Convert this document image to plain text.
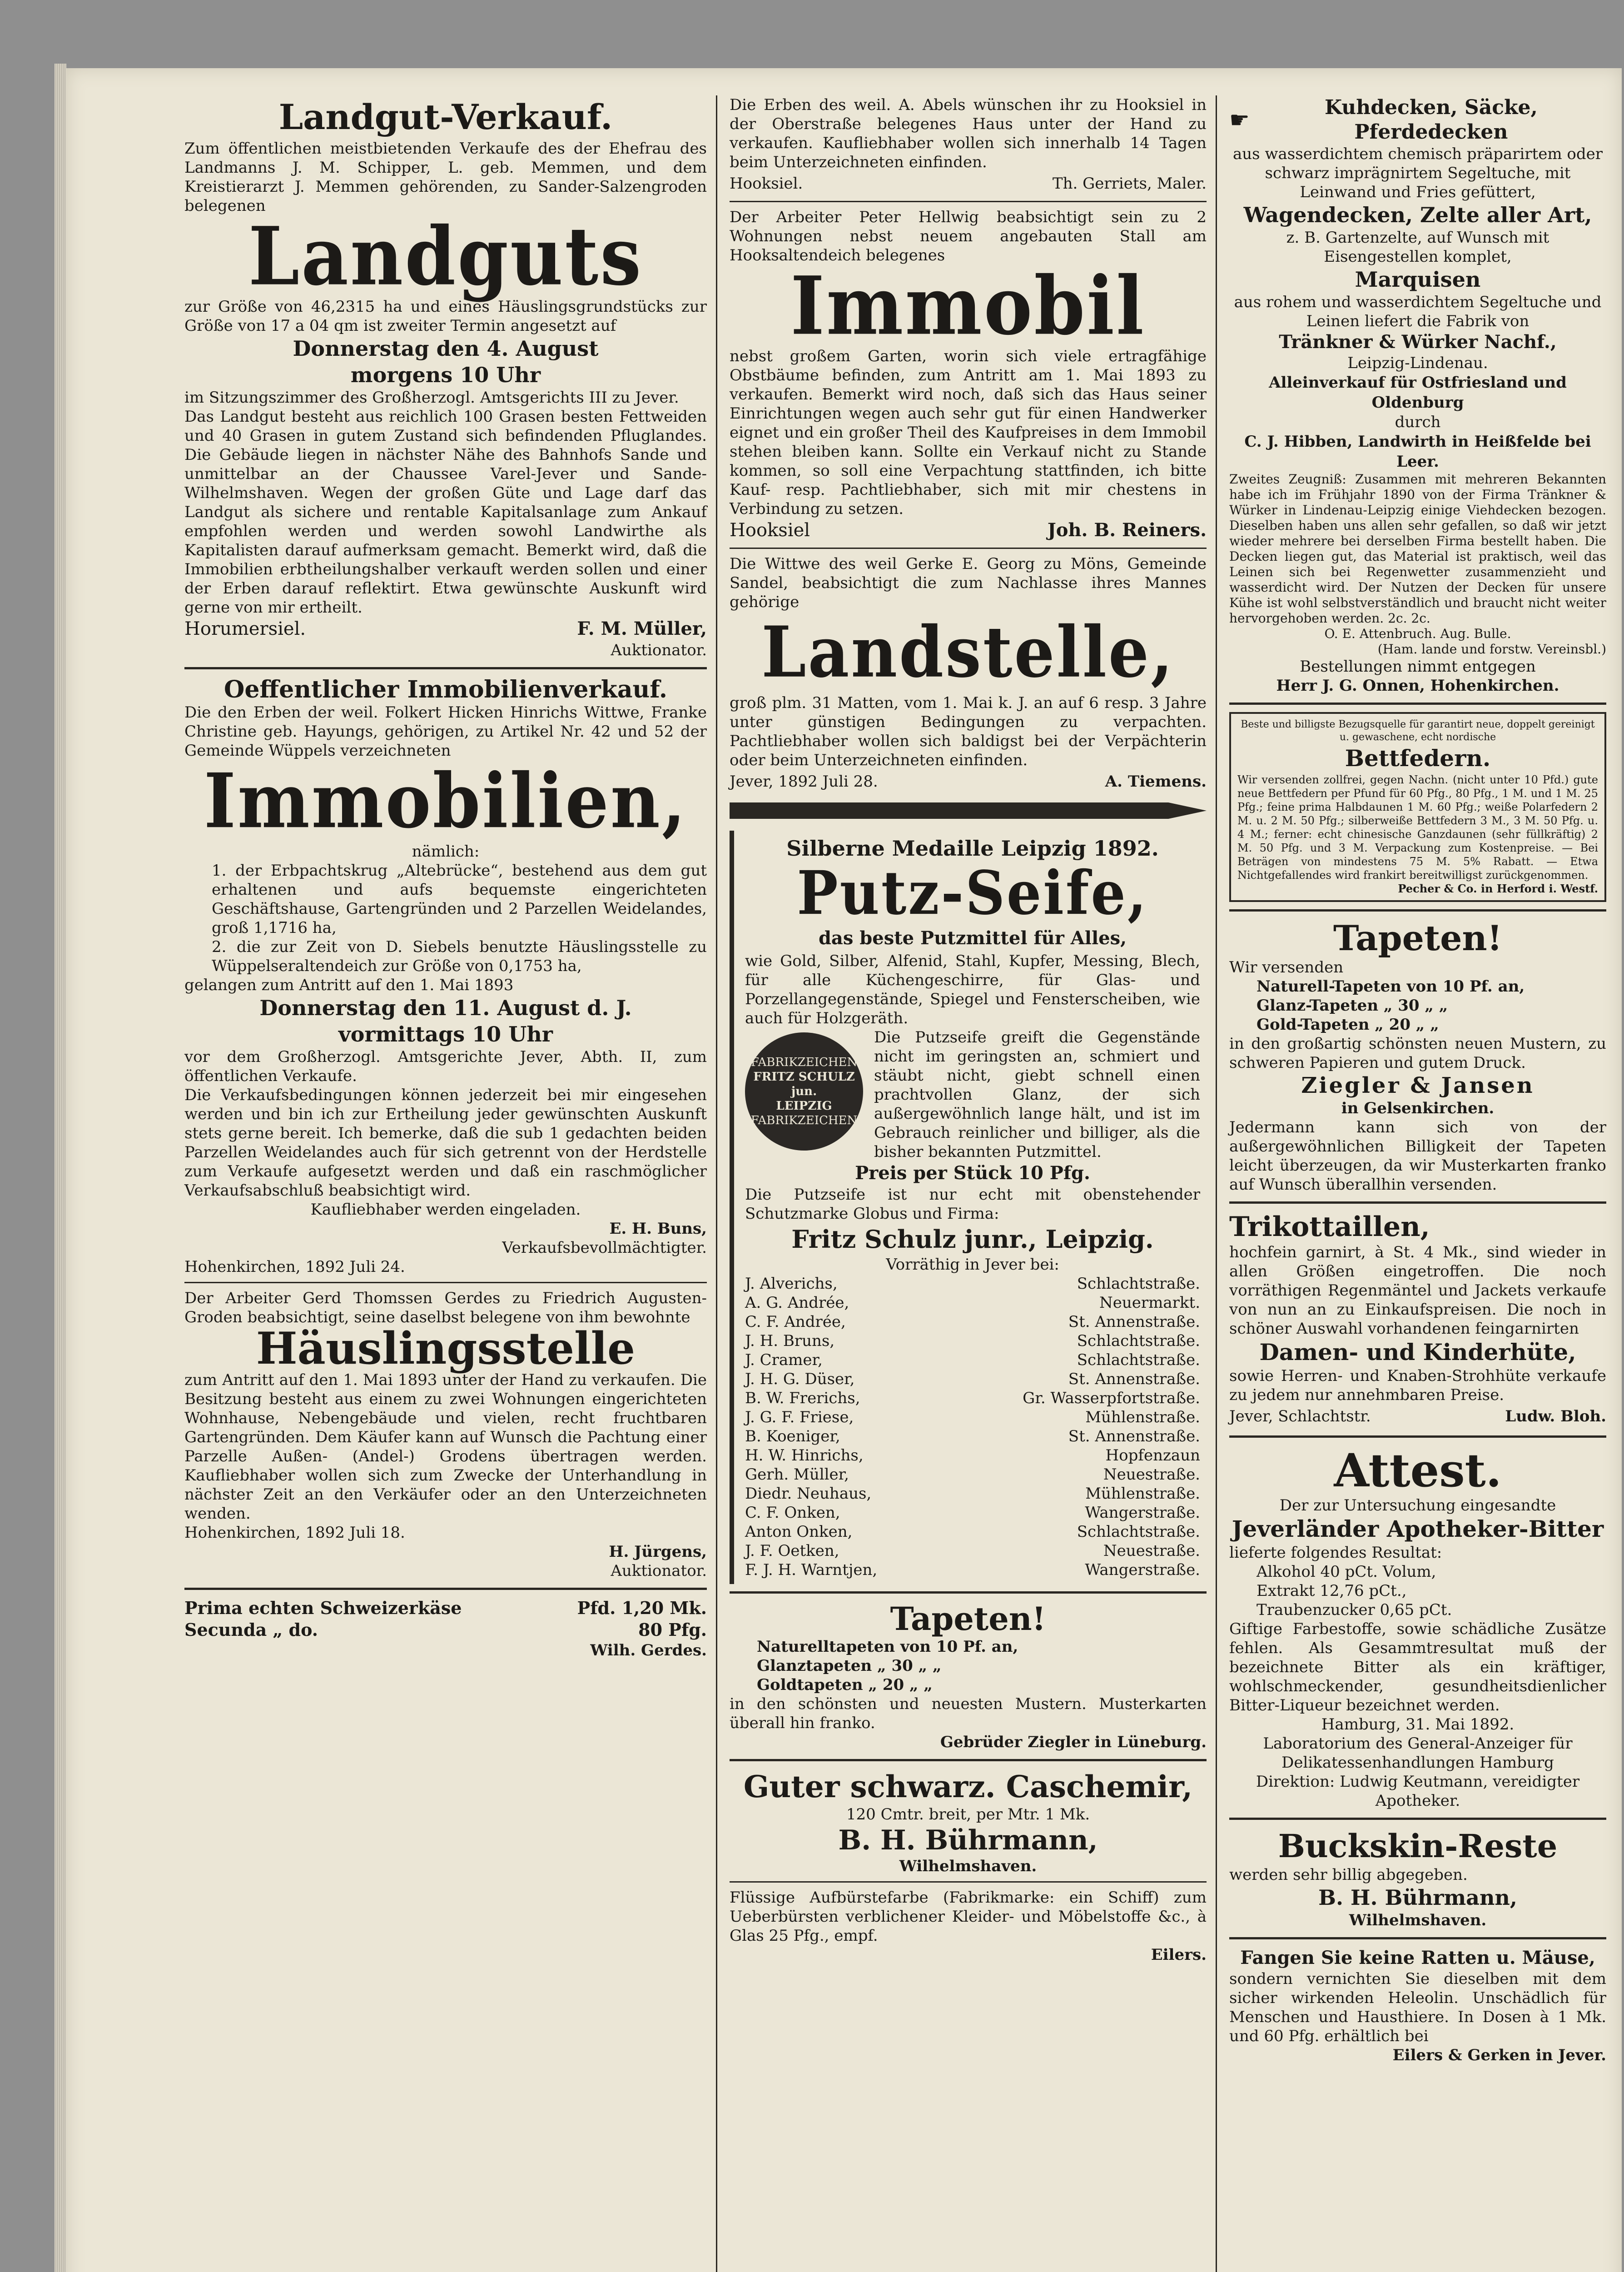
Landgut-Verkauf.

Zum öffentlichen meistbietenden Verkaufe des der Ehefrau des Landmanns J. M. Schipper, L. geb. Memmen, und dem Kreistierarzt J. Memmen gehörenden, zu Sander-Salzengroden belegenen

Landguts

zur Größe von 46,2315 ha und eines Häuslingsgrundstücks zur Größe von 17 a 04 qm ist zweiter Termin angesetzt auf

Donnerstag den 4. August
morgens 10 Uhr

im Sitzungszimmer des Großherzogl. Amtsgerichts III zu Jever.

Das Landgut besteht aus reichlich 100 Grasen besten Fettweiden und 40 Grasen in gutem Zustand sich befindenden Pfluglandes. Die Gebäude liegen in nächster Nähe des Bahnhofs Sande und unmittelbar an der Chaussee Varel-Jever und Sande-Wilhelmshaven. Wegen der großen Güte und Lage darf das Landgut als sichere und rentable Kapitalsanlage zum Ankauf empfohlen werden und werden sowohl Landwirthe als Kapitalisten darauf aufmerksam gemacht. Bemerkt wird, daß die Immobilien erbtheilungshalber verkauft werden sollen und einer der Erben darauf reflektirt. Etwa gewünschte Auskunft wird gerne von mir ertheilt.

Horumersiel.	F. M. Müller,

Auktionator.

Oeffentlicher Immobilienverkauf.

Die den Erben der weil. Folkert Hicken Hinrichs Wittwe, Franke Christine geb. Hayungs, gehörigen, zu Artikel Nr. 42 und 52 der Gemeinde Wüppels verzeichneten

Immobilien,

nämlich:

1. der Erbpachtskrug „Altebrücke“, bestehend aus dem gut erhaltenen und aufs bequemste eingerichteten Geschäftshause, Gartengründen und 2 Parzellen Weidelandes, groß 1,1716 ha,

2. die zur Zeit von D. Siebels benutzte Häuslingsstelle zu Wüppelseraltendeich zur Größe von 0,1753 ha,

gelangen zum Antritt auf den 1. Mai 1893

Donnerstag den 11. August d. J.
vormittags 10 Uhr

vor dem Großherzogl. Amtsgerichte Jever, Abth. II, zum öffentlichen Verkaufe.

Die Verkaufsbedingungen können jederzeit bei mir eingesehen werden und bin ich zur Ertheilung jeder gewünschten Auskunft stets gerne bereit. Ich bemerke, daß die sub 1 gedachten beiden Parzellen Weidelandes auch für sich getrennt von der Herdstelle zum Verkaufe aufgesetzt werden und daß ein raschmöglicher Verkaufsabschluß beabsichtigt wird.

Kaufliebhaber werden eingeladen.

E. H. Buns,

Verkaufsbevollmächtigter.

Hohenkirchen, 1892 Juli 24.

Der Arbeiter Gerd Thomssen Gerdes zu Friedrich Augusten-Groden beabsichtigt, seine daselbst belegene von ihm bewohnte

Häuslingsstelle

zum Antritt auf den 1. Mai 1893 unter der Hand zu verkaufen. Die Besitzung besteht aus einem zu zwei Wohnungen eingerichteten Wohnhause, Nebengebäude und vielen, recht fruchtbaren Gartengründen. Dem Käufer kann auf Wunsch die Pachtung einer Parzelle Außen- (Andel-) Grodens übertragen werden. Kaufliebhaber wollen sich zum Zwecke der Unterhandlung in nächster Zeit an den Verkäufer oder an den Unterzeichneten wenden.

Hohenkirchen, 1892 Juli 18.

H. Jürgens,

Auktionator.

Prima echten Schweizerkäse	Pfd. 1,20 Mk.
Secunda „ do.	80 Pfg.

Wilh. Gerdes.

Die Erben des weil. A. Abels wünschen ihr zu Hooksiel in der Oberstraße belegenes Haus unter der Hand zu verkaufen. Kaufliebhaber wollen sich innerhalb 14 Tagen beim Unterzeichneten einfinden.

Hooksiel.	Th. Gerriets, Maler.

Der Arbeiter Peter Hellwig beabsichtigt sein zu 2 Wohnungen nebst neuem angebauten Stall am Hooksaltendeich belegenes

Immobil

nebst großem Garten, worin sich viele ertragfähige Obstbäume befinden, zum Antritt am 1. Mai 1893 zu verkaufen. Bemerkt wird noch, daß sich das Haus seiner Einrichtungen wegen auch sehr gut für einen Handwerker eignet und ein großer Theil des Kaufpreises in dem Immobil stehen bleiben kann. Sollte ein Verkauf nicht zu Stande kommen, so soll eine Verpachtung stattfinden, ich bitte Kauf- resp. Pachtliebhaber, sich mit mir chestens in Verbindung zu setzen.

Hooksiel	Joh. B. Reiners.

Die Wittwe des weil Gerke E. Georg zu Möns, Gemeinde Sandel, beabsichtigt die zum Nachlasse ihres Mannes gehörige

Landstelle,

groß plm. 31 Matten, vom 1. Mai k. J. an auf 6 resp. 3 Jahre unter günstigen Bedingungen zu verpachten. Pachtliebhaber wollen sich baldigst bei der Verpächterin oder beim Unterzeichneten einfinden.

Jever, 1892 Juli 28.	A. Tiemens.
Silberne Medaille Leipzig 1892.
Putz-Seife,
das beste Putzmittel für Alles,

wie Gold, Silber, Alfenid, Stahl, Kupfer, Messing, Blech, für alle Küchengeschirre, für Glas- und Porzellangegenstände, Spiegel und Fensterscheiben, wie auch für Holzgeräth.

FABRIKZEICHEN
FRITZ SCHULZ jun.
LEIPZIG
FABRIKZEICHEN

Die Putzseife greift die Gegenstände nicht im geringsten an, schmiert und stäubt nicht, giebt schnell einen prachtvollen Glanz, der sich außergewöhnlich lange hält, und ist im Gebrauch reinlicher und billiger, als die bisher bekannten Putzmittel.

Preis per Stück 10 Pfg.

Die Putzseife ist nur echt mit obenstehender Schutzmarke Globus und Firma:

Fritz Schulz junr., Leipzig.

Vorräthig in Jever bei:

J. Alverichs,	Schlachtstraße.
A. G. Andrée,	Neuermarkt.
C. F. Andrée,	St. Annenstraße.
J. H. Bruns,	Schlachtstraße.
J. Cramer,	Schlachtstraße.
J. H. G. Düser,	St. Annenstraße.
B. W. Frerichs,	Gr. Wasserpfortstraße.
J. G. F. Friese,	Mühlenstraße.
B. Koeniger,	St. Annenstraße.
H. W. Hinrichs,	Hopfenzaun
Gerh. Müller,	Neuestraße.
Diedr. Neuhaus,	Mühlenstraße.
C. F. Onken,	Wangerstraße.
Anton Onken,	Schlachtstraße.
J. F. Oetken,	Neuestraße.
F. J. H. Warntjen,	Wangerstraße.
Tapeten!

Naturelltapeten von 10 Pf. an,

Glanztapeten „ 30 „ „

Goldtapeten „ 20 „ „

in den schönsten und neuesten Mustern. Musterkarten überall hin franko.

Gebrüder Ziegler in Lüneburg.

Guter schwarz. Caschemir,

120 Cmtr. breit, per Mtr. 1 Mk.

B. H. Bührmann,

Wilhelmshaven.

Flüssige Aufbürstefarbe (Fabrikmarke: ein Schiff) zum Ueberbürsten verblichener Kleider- und Möbelstoffe &c., à Glas 25 Pfg., empf.

Eilers.

☛	Kuhdecken, Säcke, Pferdedecken

aus wasserdichtem chemisch präparirtem oder schwarz imprägnirtem Segeltuche, mit Leinwand und Fries gefüttert,

Wagendecken, Zelte aller Art,

z. B. Gartenzelte, auf Wunsch mit Eisengestellen komplet,

Marquisen

aus rohem und wasserdichtem Segeltuche und Leinen liefert die Fabrik von

Tränkner & Würker Nachf.,

Leipzig-Lindenau.

Alleinverkauf für Ostfriesland und Oldenburg

durch

C. J. Hibben, Landwirth in Heißfelde bei Leer.

Zweites Zeugniß: Zusammen mit mehreren Bekannten habe ich im Frühjahr 1890 von der Firma Tränkner & Würker in Lindenau-Leipzig einige Viehdecken bezogen. Dieselben haben uns allen sehr gefallen, so daß wir jetzt wieder mehrere bei derselben Firma bestellt haben. Die Decken liegen gut, das Material ist praktisch, weil das Leinen sich bei Regenwetter zusammenzieht und wasserdicht wird. Der Nutzen der Decken für unsere Kühe ist wohl selbstverständlich und braucht nicht weiter hervorgehoben werden. 2c. 2c.

O. E. Attenbruch. Aug. Bulle.

(Ham. lande und forstw. Vereinsbl.)

Bestellungen nimmt entgegen

Herr J. G. Onnen, Hohenkirchen.

Beste und billigste Bezugsquelle für garantirt neue, doppelt gereinigt u. gewaschene, echt nordische

Bettfedern.

Wir versenden zollfrei, gegen Nachn. (nicht unter 10 Pfd.) gute neue Bettfedern per Pfund für 60 Pfg., 80 Pfg., 1 M. und 1 M. 25 Pfg.; feine prima Halbdaunen 1 M. 60 Pfg.; weiße Polarfedern 2 M. u. 2 M. 50 Pfg.; silberweiße Bettfedern 3 M., 3 M. 50 Pfg. u. 4 M.; ferner: echt chinesische Ganzdaunen (sehr füllkräftig) 2 M. 50 Pfg. und 3 M. Verpackung zum Kostenpreise. — Bei Beträgen von mindestens 75 M. 5% Rabatt. — Etwa Nichtgefallendes wird frankirt bereitwilligst zurückgenommen.

Pecher & Co. in Herford i. Westf.

Tapeten!

Wir versenden

Naturell-Tapeten von 10 Pf. an,

Glanz-Tapeten „ 30 „ „

Gold-Tapeten „ 20 „ „

in den großartig schönsten neuen Mustern, zu schweren Papieren und gutem Druck.

Ziegler & Jansen

in Gelsenkirchen.

Jedermann kann sich von der außergewöhnlichen Billigkeit der Tapeten leicht überzeugen, da wir Musterkarten franko auf Wunsch überallhin versenden.

Trikottaillen,

hochfein garnirt, à St. 4 Mk., sind wieder in allen Größen eingetroffen. Die noch vorräthigen Regenmäntel und Jackets verkaufe von nun an zu Einkaufspreisen. Die noch in schöner Auswahl vorhandenen feingarnirten

Damen- und Kinderhüte,

sowie Herren- und Knaben-Strohhüte verkaufe zu jedem nur annehmbaren Preise.

Jever, Schlachtstr.	Ludw. Bloh.
Attest.

Der zur Untersuchung eingesandte

Jeverländer Apotheker-Bitter

lieferte folgendes Resultat:

Alkohol 40 pCt. Volum,

Extrakt 12,76 pCt.,

Traubenzucker 0,65 pCt.

Giftige Farbestoffe, sowie schädliche Zusätze fehlen. Als Gesammtresultat muß der bezeichnete Bitter als ein kräftiger, wohlschmeckender, gesundheitsdienlicher Bitter-Liqueur bezeichnet werden.

Hamburg, 31. Mai 1892.

Laboratorium des General-Anzeiger für Delikatessenhandlungen Hamburg

Direktion: Ludwig Keutmann, vereidigter Apotheker.

Buckskin-Reste

werden sehr billig abgegeben.

B. H. Bührmann,

Wilhelmshaven.

Fangen Sie keine Ratten u. Mäuse,

sondern vernichten Sie dieselben mit dem sicher wirkenden Heleolin. Unschädlich für Menschen und Hausthiere. In Dosen à 1 Mk. und 60 Pfg. erhältlich bei

Eilers & Gerken in Jever.
